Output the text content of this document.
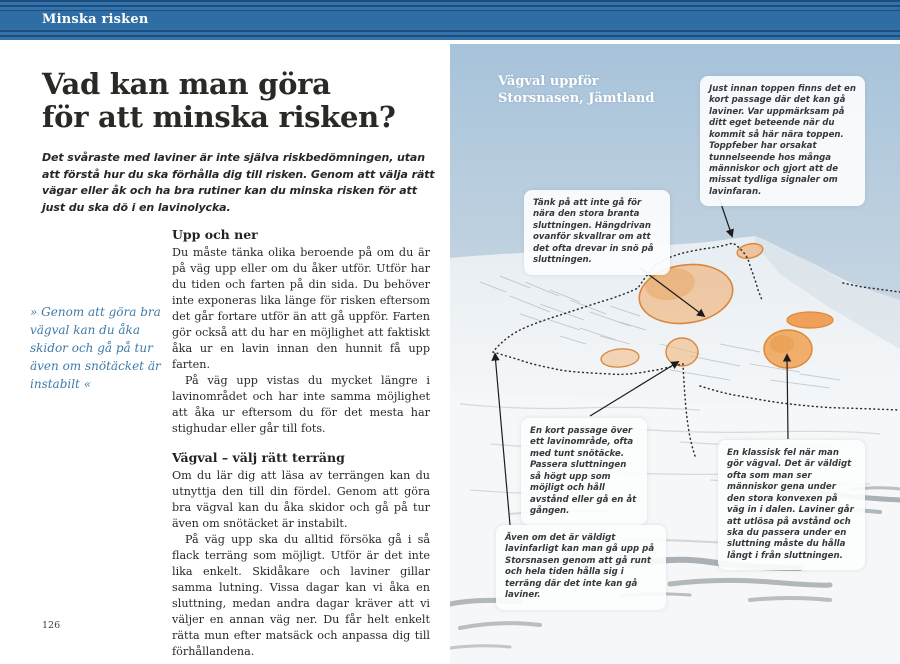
Minska risken
Vad kan man göra
för att minska risken?
Det svåraste med laviner är inte själva riskbedömningen, utan att förstå hur du ska förhålla dig till risken. Genom att välja rätt vägar eller åk och ha bra rutiner kan du minska risken för att just du ska dö i en lavinolycka.
» Genom att göra bra vägval kan du åka skidor och gå på tur även om snötäcket är instabilt «
Upp och ner

Du måste tänka olika beroende på om du är på väg upp eller om du åker utför. Utför har du tiden och farten på din sida. Du behöver inte exponeras lika länge för risken eftersom det går fortare utför än att gå uppför. Farten gör också att du har en möjlighet att faktiskt åka ur en lavin innan den hunnit få upp farten.

På väg upp vistas du mycket längre i lavinområdet och har inte samma möjlighet att åka ur eftersom du för det mesta har stighudar eller går till fots.

Vägval – välj rätt terräng

Om du lär dig att läsa av terrängen kan du utnyttja den till din fördel. Genom att göra bra vägval kan du åka skidor och gå på tur även om snötäcket är instabilt.

På väg upp ska du alltid försöka gå i så flack terräng som möjligt. Utför är det inte lika enkelt. Skidåkare och laviner gillar samma lutning. Vissa dagar kan vi åka en sluttning, medan andra dagar kräver att vi väljer en annan väg ner. Du får helt enkelt rätta mun efter matsäck och anpassa dig till förhållandena.

126
Vägval uppför
Storsnasen, Jämtland
Just innan toppen finns det en kort passage där det kan gå laviner. Var uppmärksam på ditt eget beteende när du kommit så här nära toppen. Toppfeber har orsakat tunnelseende hos många människor och gjort att de missat tydliga signaler om lavinfaran.
Tänk på att inte gå för nära den stora branta sluttningen. Hängdrivan ovanför skvallrar om att det ofta drevar in snö på sluttningen.
En kort passage över ett lavinområde, ofta med tunt snötäcke. Passera sluttningen så högt upp som möjligt och håll avstånd eller gå en åt gången.
En klassisk fel när man gör vägval. Det är väldigt ofta som man ser människor gena under den stora konvexen på väg in i dalen. Laviner går att utlösa på avstånd och ska du passera under en sluttning måste du hålla långt i från sluttningen.
Även om det är väldigt lavinfarligt kan man gå upp på Storsnasen genom att gå runt och hela tiden hålla sig i terräng där det inte kan gå laviner.
